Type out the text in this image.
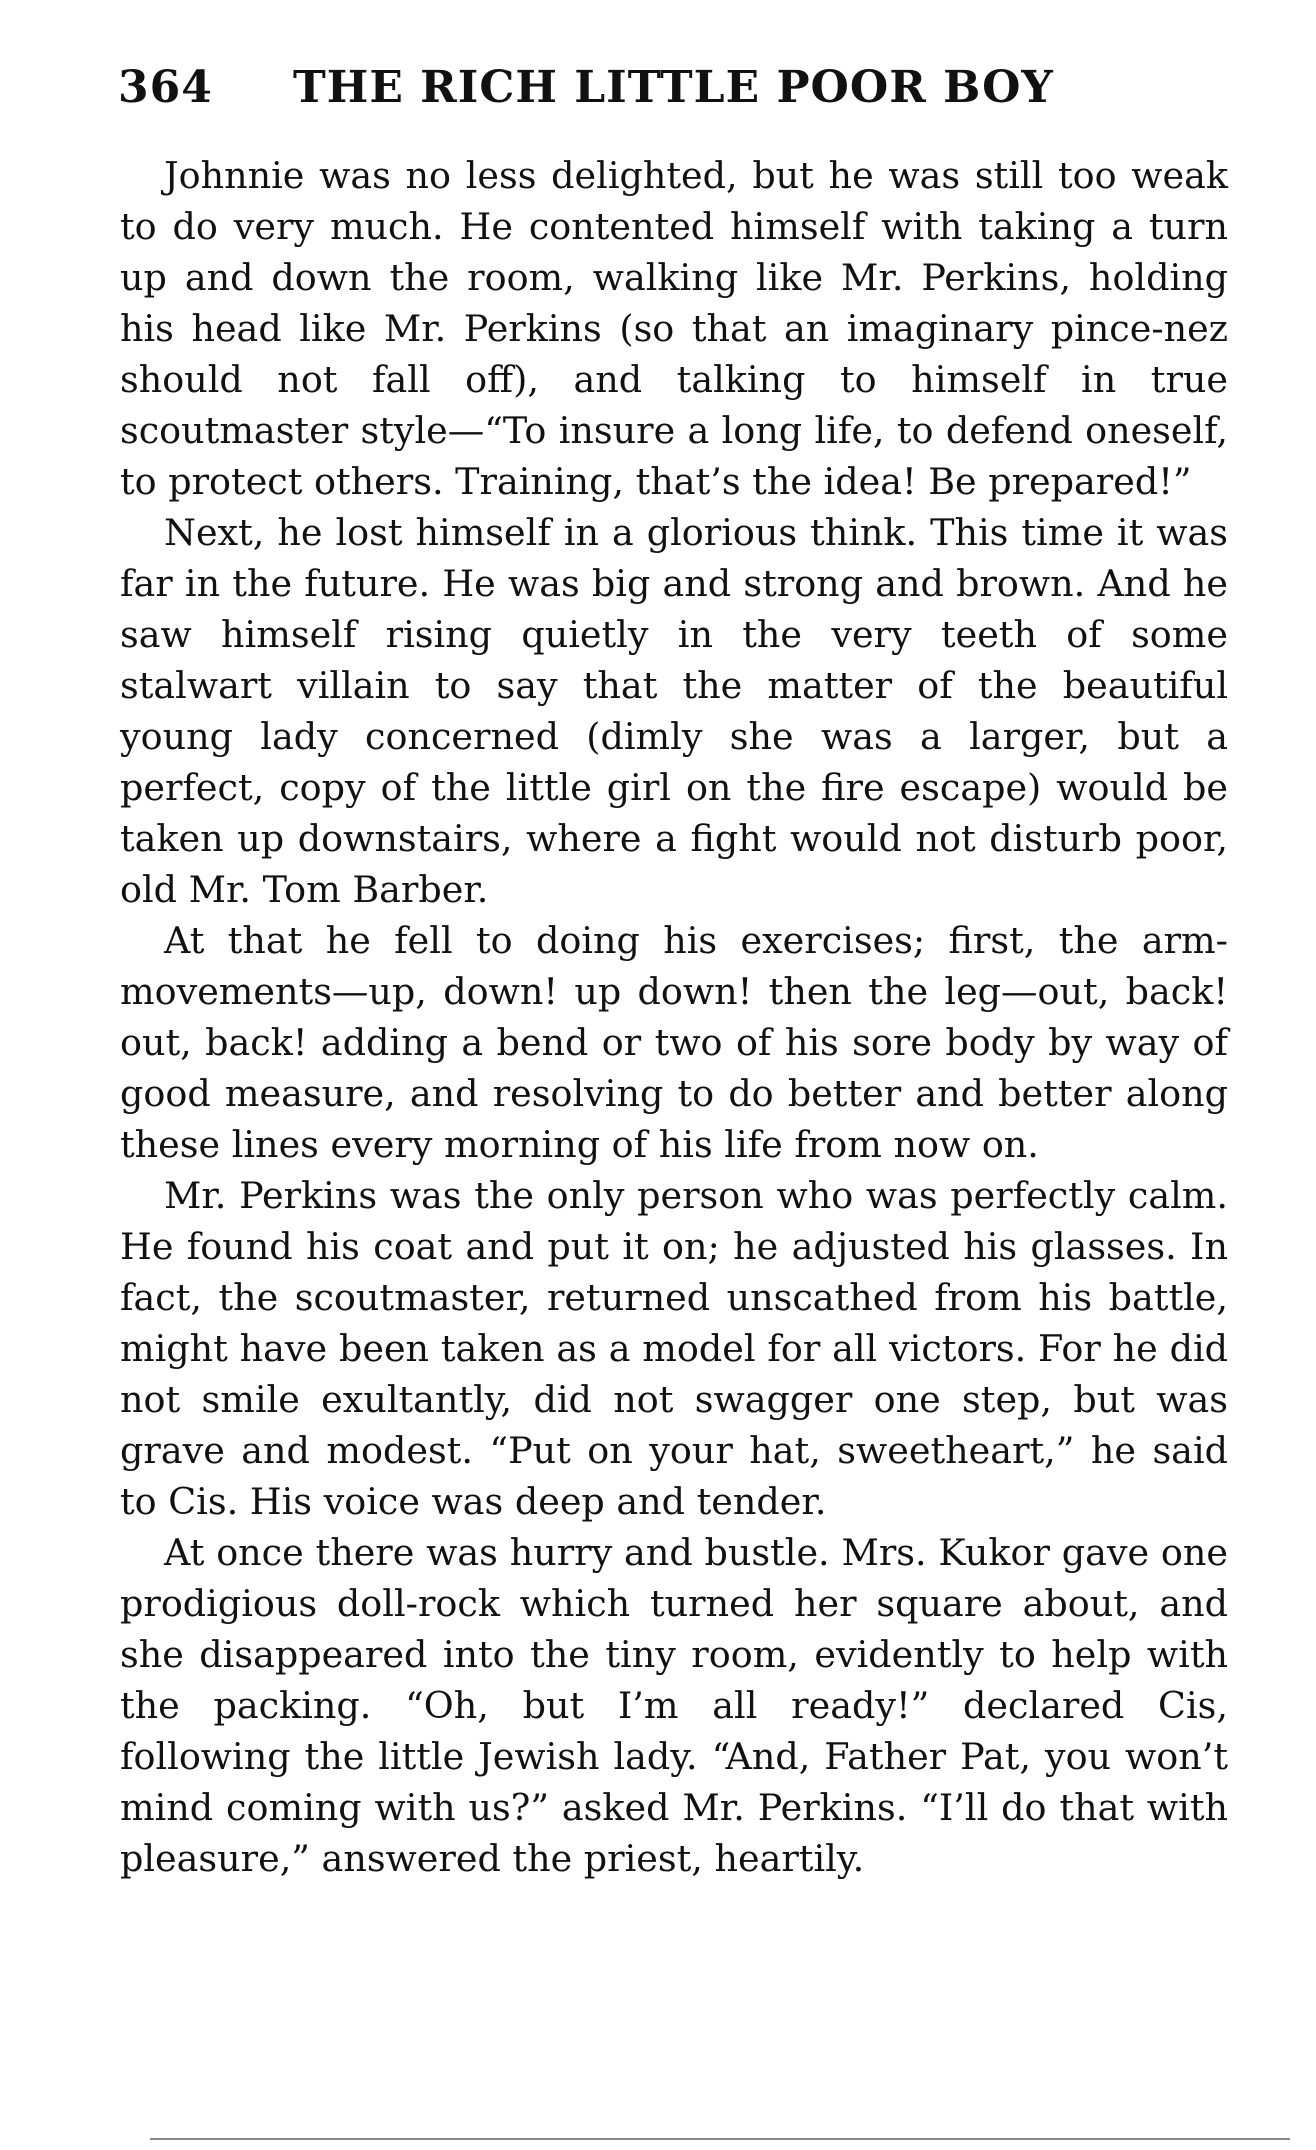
364 THE RICH LITTLE POOR BOY

Johnnie was no less delighted, but he was still too weak to do very much. He contented himself with taking a turn up and down the room, walking like Mr. Perkins, holding his head like Mr. Perkins (so that an imaginary pince-nez should not fall off), and talking to himself in true scoutmaster style—“To insure a long life, to defend oneself, to protect others. Training, that’s the idea! Be prepared!”

Next, he lost himself in a glorious think. This time it was far in the future. He was big and strong and brown. And he saw himself rising quietly in the very teeth of some stalwart villain to say that the matter of the beautiful young lady concerned (dimly she was a larger, but a perfect, copy of the little girl on the fire escape) would be taken up downstairs, where a fight would not disturb poor, old Mr. Tom Barber.

At that he fell to doing his exercises; first, the arm-movements—up, down! up down! then the leg—out, back! out, back! adding a bend or two of his sore body by way of good measure, and resolving to do better and better along these lines every morning of his life from now on.

Mr. Perkins was the only person who was perfectly calm. He found his coat and put it on; he adjusted his glasses. In fact, the scoutmaster, returned unscathed from his battle, might have been taken as a model for all victors. For he did not smile exultantly, did not swagger one step, but was grave and modest. “Put on your hat, sweetheart,” he said to Cis. His voice was deep and tender.

At once there was hurry and bustle. Mrs. Kukor gave one prodigious doll-rock which turned her square about, and she disappeared into the tiny room, evidently to help with the packing. “Oh, but I’m all ready!” declared Cis, following the little Jewish lady. “And, Father Pat, you won’t mind coming with us?” asked Mr. Perkins. “I’ll do that with pleasure,” answered the priest, heartily.
